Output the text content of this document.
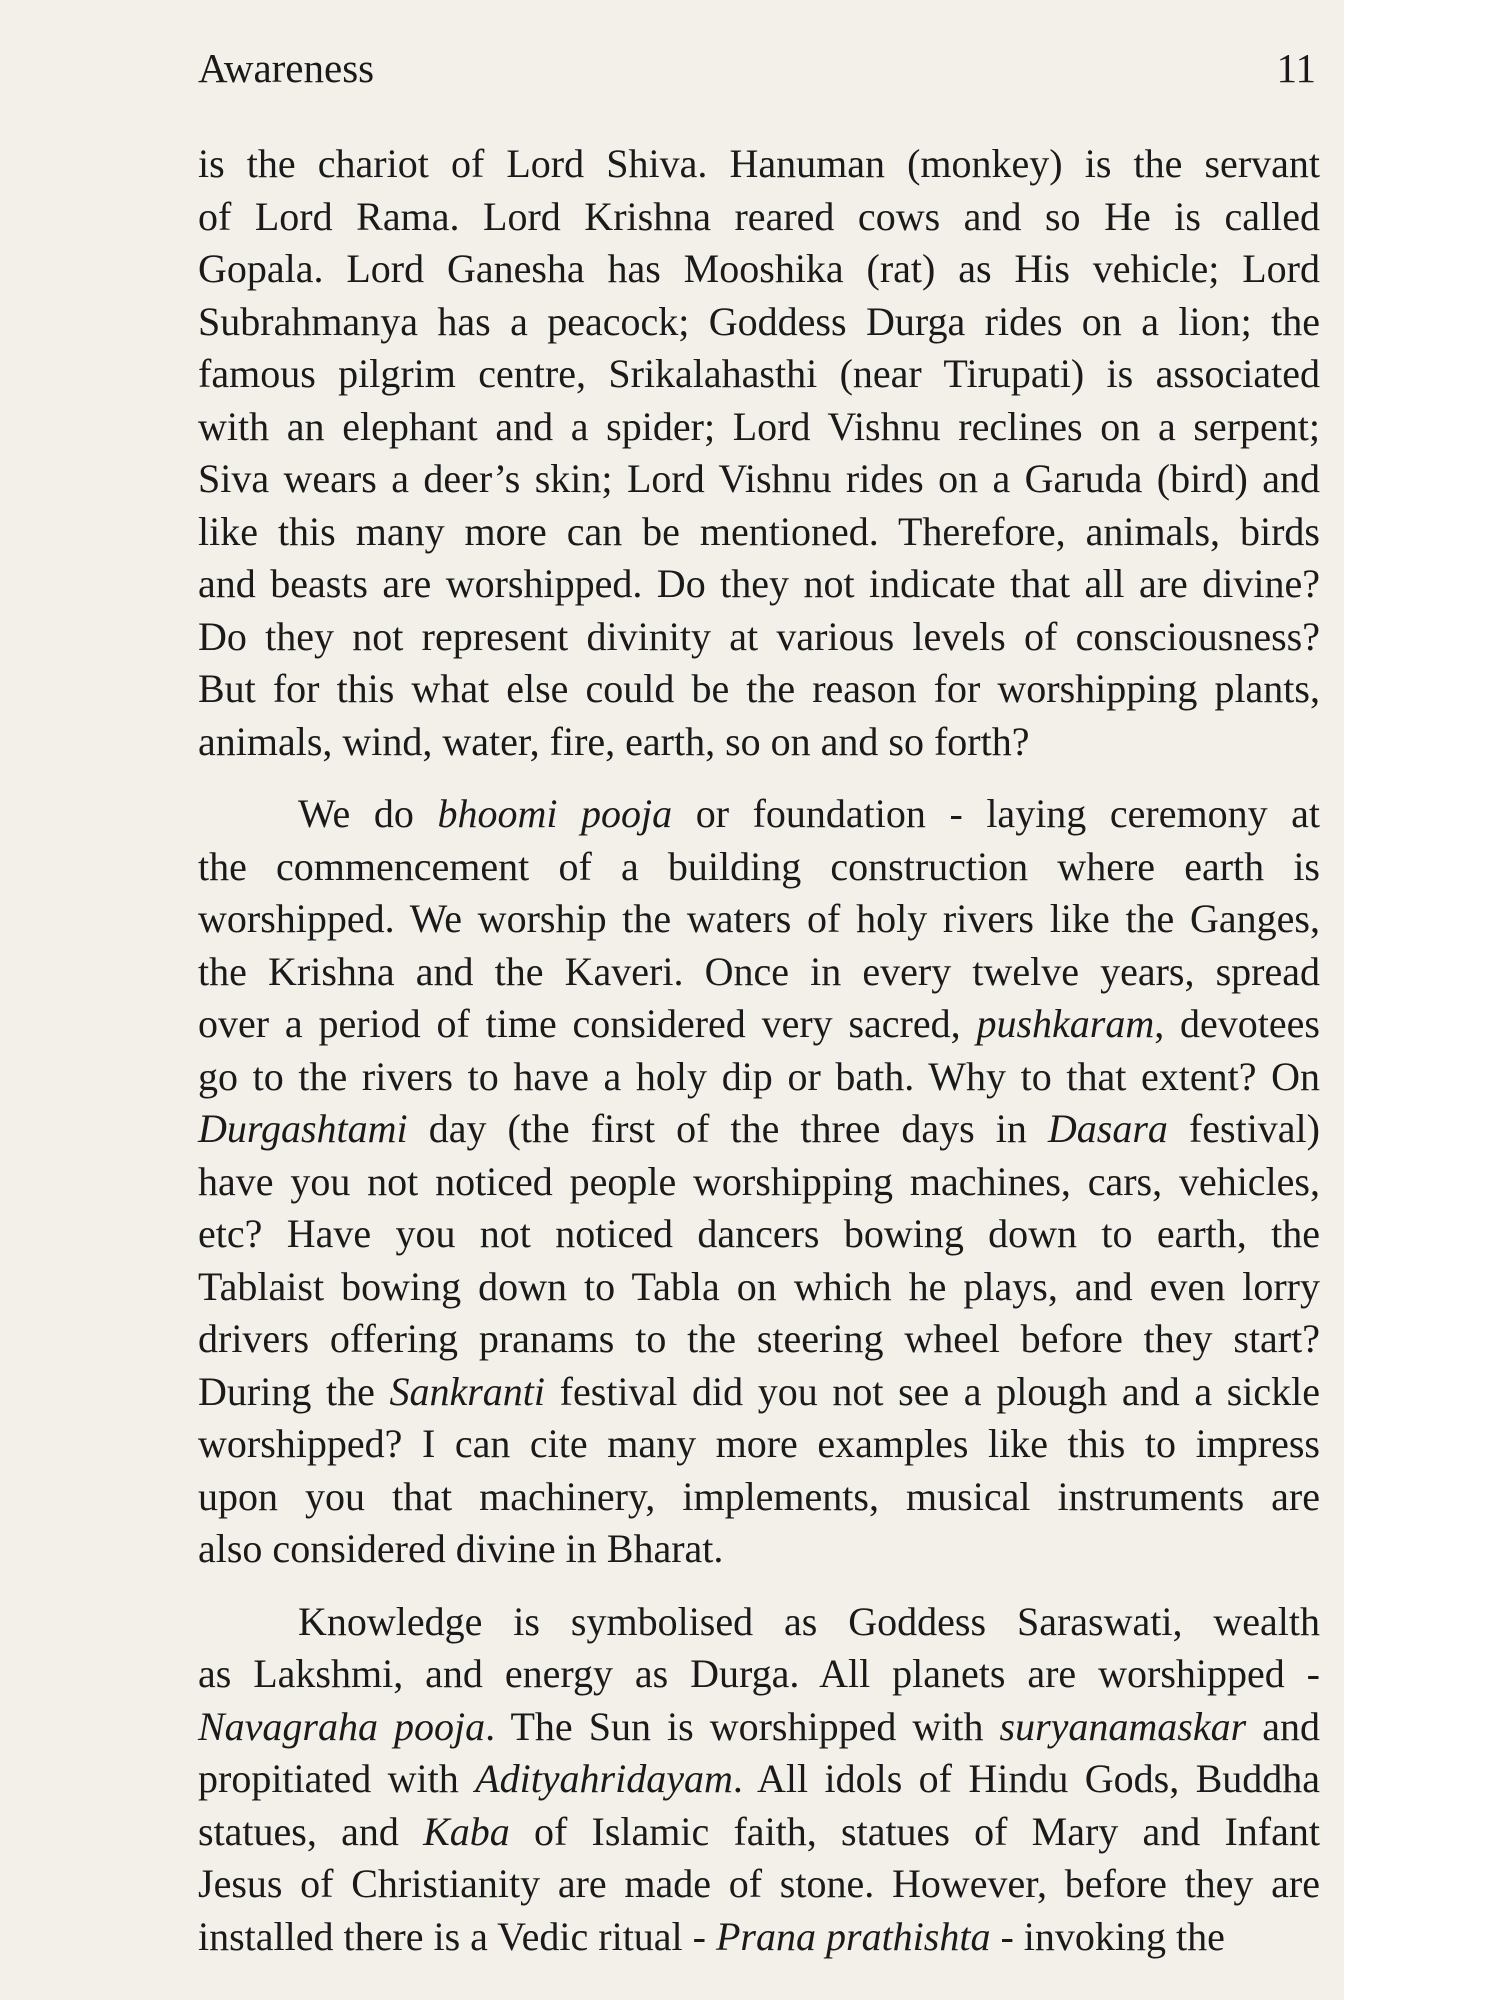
Awareness	11

is the chariot of Lord Shiva. Hanuman (monkey) is the servant
of Lord Rama. Lord Krishna reared cows and so He is called
Gopala. Lord Ganesha has Mooshika (rat) as His vehicle; Lord
Subrahmanya has a peacock; Goddess Durga rides on a lion; the
famous pilgrim centre, Srikalahasthi (near Tirupati) is associated
with an elephant and a spider; Lord Vishnu reclines on a serpent;
Siva wears a deer’s skin; Lord Vishnu rides on a Garuda (bird) and
like this many more can be mentioned. Therefore, animals, birds
and beasts are worshipped. Do they not indicate that all are divine?
Do they not represent divinity at various levels of consciousness?
But for this what else could be the reason for worshipping plants,
animals, wind, water, fire, earth, so on and so forth?

We do bhoomi pooja or foundation - laying ceremony at
the commencement of a building construction where earth is
worshipped. We worship the waters of holy rivers like the Ganges,
the Krishna and the Kaveri. Once in every twelve years, spread
over a period of time considered very sacred, pushkaram, devotees
go to the rivers to have a holy dip or bath. Why to that extent? On
Durgashtami day (the first of the three days in Dasara festival)
have you not noticed people worshipping machines, cars, vehicles,
etc? Have you not noticed dancers bowing down to earth, the
Tablaist bowing down to Tabla on which he plays, and even lorry
drivers offering pranams to the steering wheel before they start?
During the Sankranti festival did you not see a plough and a sickle
worshipped? I can cite many more examples like this to impress
upon you that machinery, implements, musical instruments are
also considered divine in Bharat.

Knowledge is symbolised as Goddess Saraswati, wealth
as Lakshmi, and energy as Durga. All planets are worshipped -
Navagraha pooja. The Sun is worshipped with suryanamaskar and
propitiated with Adityahridayam. All idols of Hindu Gods, Buddha
statues, and Kaba of Islamic faith, statues of Mary and Infant
Jesus of Christianity are made of stone. However, before they are
installed there is a Vedic ritual - Prana prathishta - invoking the
